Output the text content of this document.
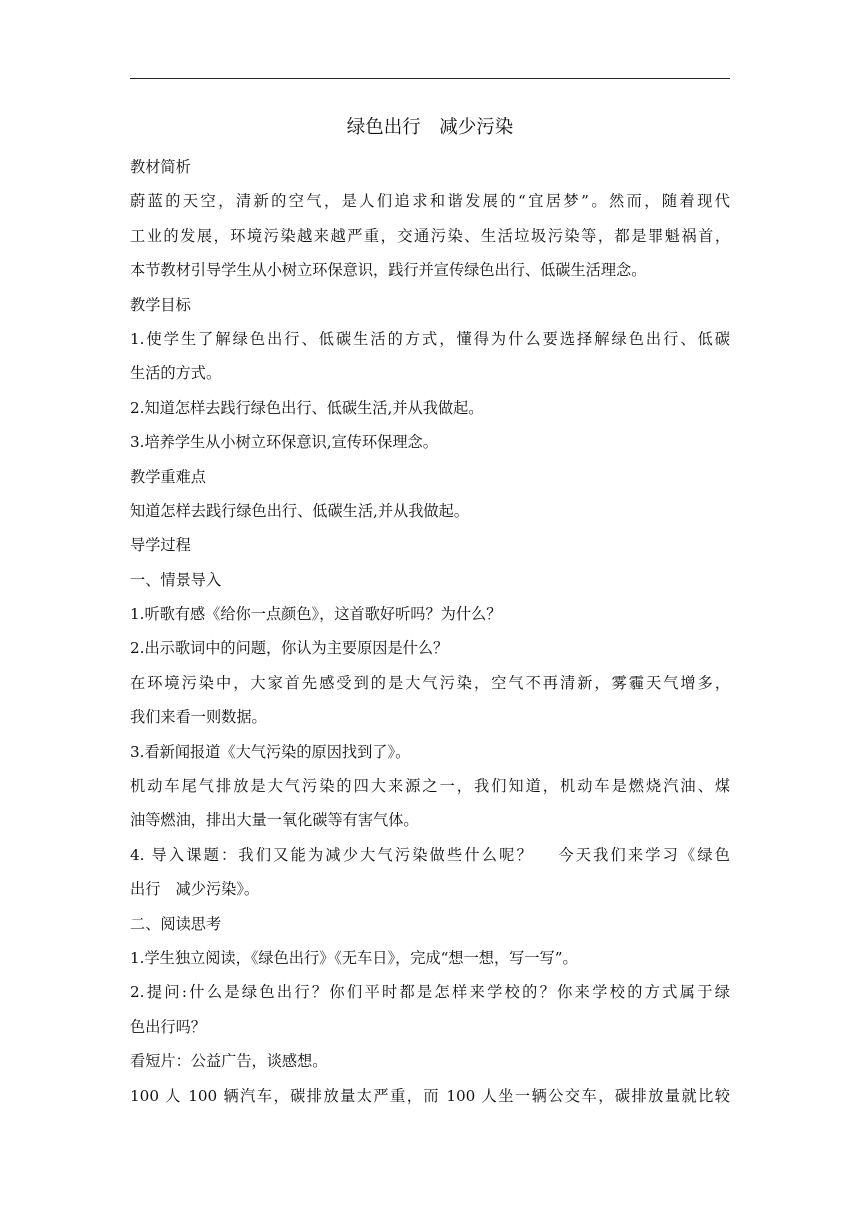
绿色出行　减少污染
教材简析
蔚蓝的天空，清新的空气，是人们追求和谐发展的“宜居梦”。然而，随着现代
工业的发展，环境污染越来越严重，交通污染、生活垃圾污染等，都是罪魁祸首，
本节教材引导学生从小树立环保意识，践行并宣传绿色出行、低碳生活理念。
教学目标
1.使学生了解绿色出行、低碳生活的方式，懂得为什么要选择解绿色出行、低碳
生活的方式。
2.知道怎样去践行绿色出行、低碳生活,并从我做起。
3.培养学生从小树立环保意识,宣传环保理念。
教学重难点
知道怎样去践行绿色出行、低碳生活,并从我做起。
导学过程
一、情景导入
1.听歌有感《给你一点颜色》，这首歌好听吗？为什么？
2.出示歌词中的问题，你认为主要原因是什么？
在环境污染中，大家首先感受到的是大气污染，空气不再清新，雾霾天气增多，
我们来看一则数据。
3.看新闻报道《大气污染的原因找到了》。
机动车尾气排放是大气污染的四大来源之一，我们知道，机动车是燃烧汽油、煤
油等燃油，排出大量一氧化碳等有害气体。
4. 导入课题：我们又能为减少大气污染做些什么呢？　 今天我们来学习《绿色
出行　减少污染》。
二、阅读思考
1.学生独立阅读，《绿色出行》《无车日》，完成“想一想，写一写”。
2.提问:什么是绿色出行？你们平时都是怎样来学校的？你来学校的方式属于绿
色出行吗？
看短片：公益广告，谈感想。
100 人 100 辆汽车，碳排放量太严重，而 100 人坐一辆公交车，碳排放量就比较
